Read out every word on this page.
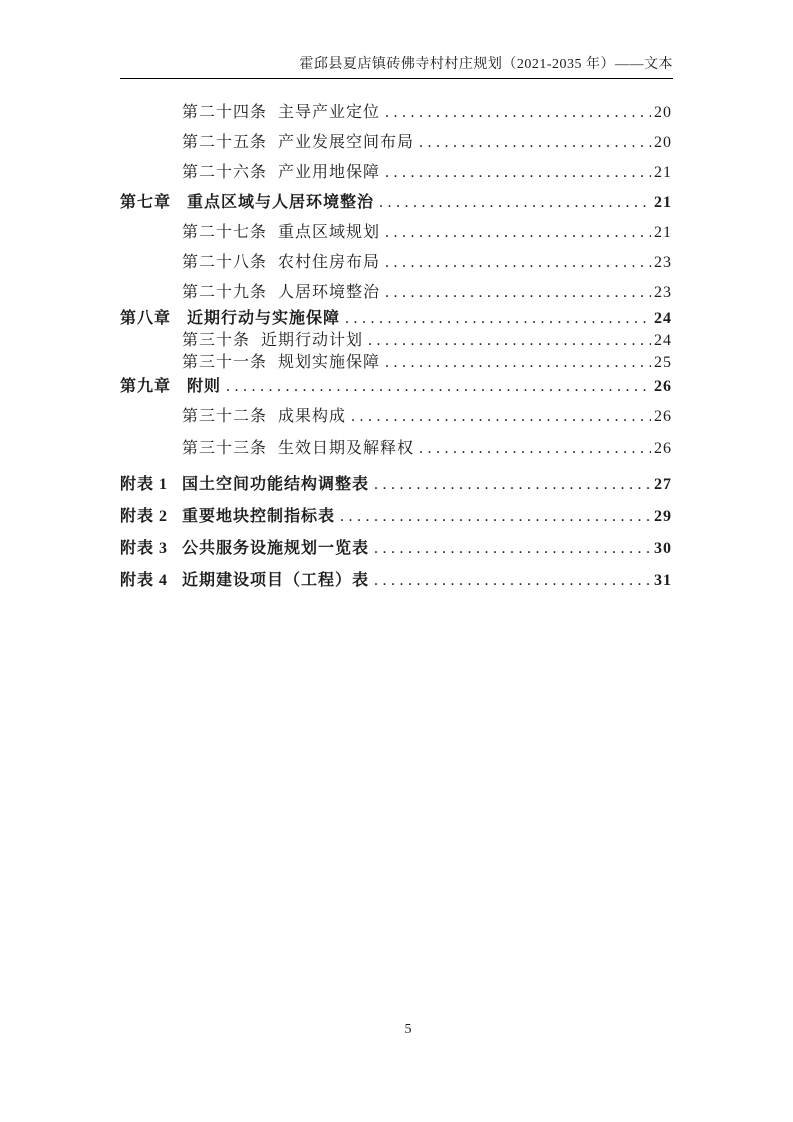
霍邱县夏店镇砖佛寺村村庄规划（2021-2035 年）——文本
第二十四条 主导产业定位 .....	20
第二十五条 产业发展空间布局 .....	20
第二十六条 产业用地保障 .....	21
第七章 重点区域与人居环境整治 .....	21
第二十七条 重点区域规划 .....	21
第二十八条 农村住房布局 .....	23
第二十九条 人居环境整治 .....	23
第八章 近期行动与实施保障 .....	24
第三十条 近期行动计划 .....	24
第三十一条 规划实施保障 .....	25
第九章 附则 .....	26
第三十二条 成果构成 .....	26
第三十三条 生效日期及解释权 .....	26
附表 1 国土空间功能结构调整表 .....	27
附表 2 重要地块控制指标表 .....	29
附表 3 公共服务设施规划一览表 .....	30
附表 4 近期建设项目（工程）表 .....	31
5
